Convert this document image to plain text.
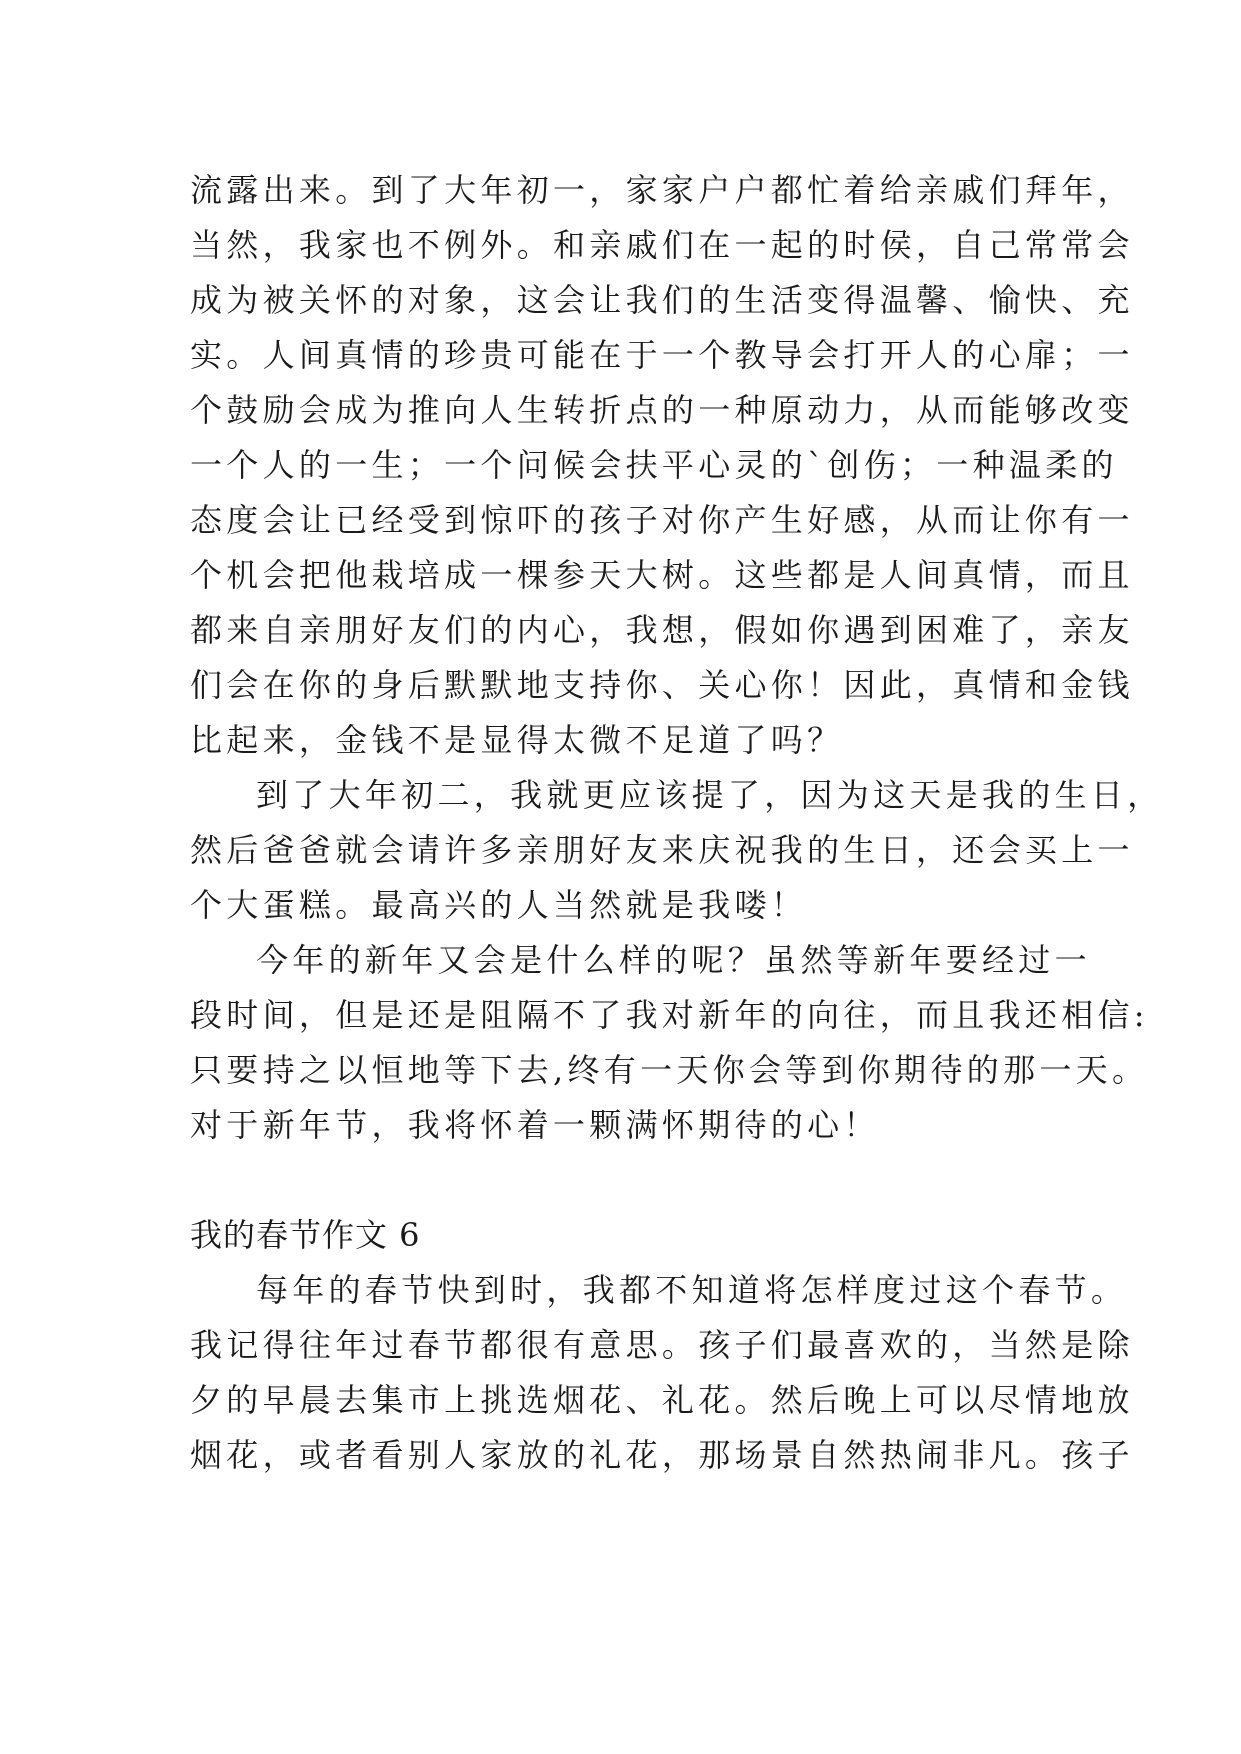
流露出来。到了大年初一，家家户户都忙着给亲戚们拜年，
当然，我家也不例外。和亲戚们在一起的时侯，自己常常会
成为被关怀的对象，这会让我们的生活变得温馨、愉快、充
实。人间真情的珍贵可能在于一个教导会打开人的心扉；一
个鼓励会成为推向人生转折点的一种原动力，从而能够改变
一个人的一生；一个问候会扶平心灵的`创伤；一种温柔的
态度会让已经受到惊吓的孩子对你产生好感，从而让你有一
个机会把他栽培成一棵参天大树。这些都是人间真情，而且
都来自亲朋好友们的内心，我想，假如你遇到困难了，亲友
们会在你的身后默默地支持你、关心你！因此，真情和金钱
比起来，金钱不是显得太微不足道了吗？
到了大年初二，我就更应该提了，因为这天是我的生日，
然后爸爸就会请许多亲朋好友来庆祝我的生日，还会买上一
个大蛋糕。最高兴的人当然就是我喽！
今年的新年又会是什么样的呢？虽然等新年要经过一
段时间，但是还是阻隔不了我对新年的向往，而且我还相信:
只要持之以恒地等下去,终有一天你会等到你期待的那一天。
对于新年节，我将怀着一颗满怀期待的心！
我的春节作文 6
每年的春节快到时，我都不知道将怎样度过这个春节。
我记得往年过春节都很有意思。孩子们最喜欢的，当然是除
夕的早晨去集市上挑选烟花、礼花。然后晚上可以尽情地放
烟花，或者看别人家放的礼花，那场景自然热闹非凡。孩子
